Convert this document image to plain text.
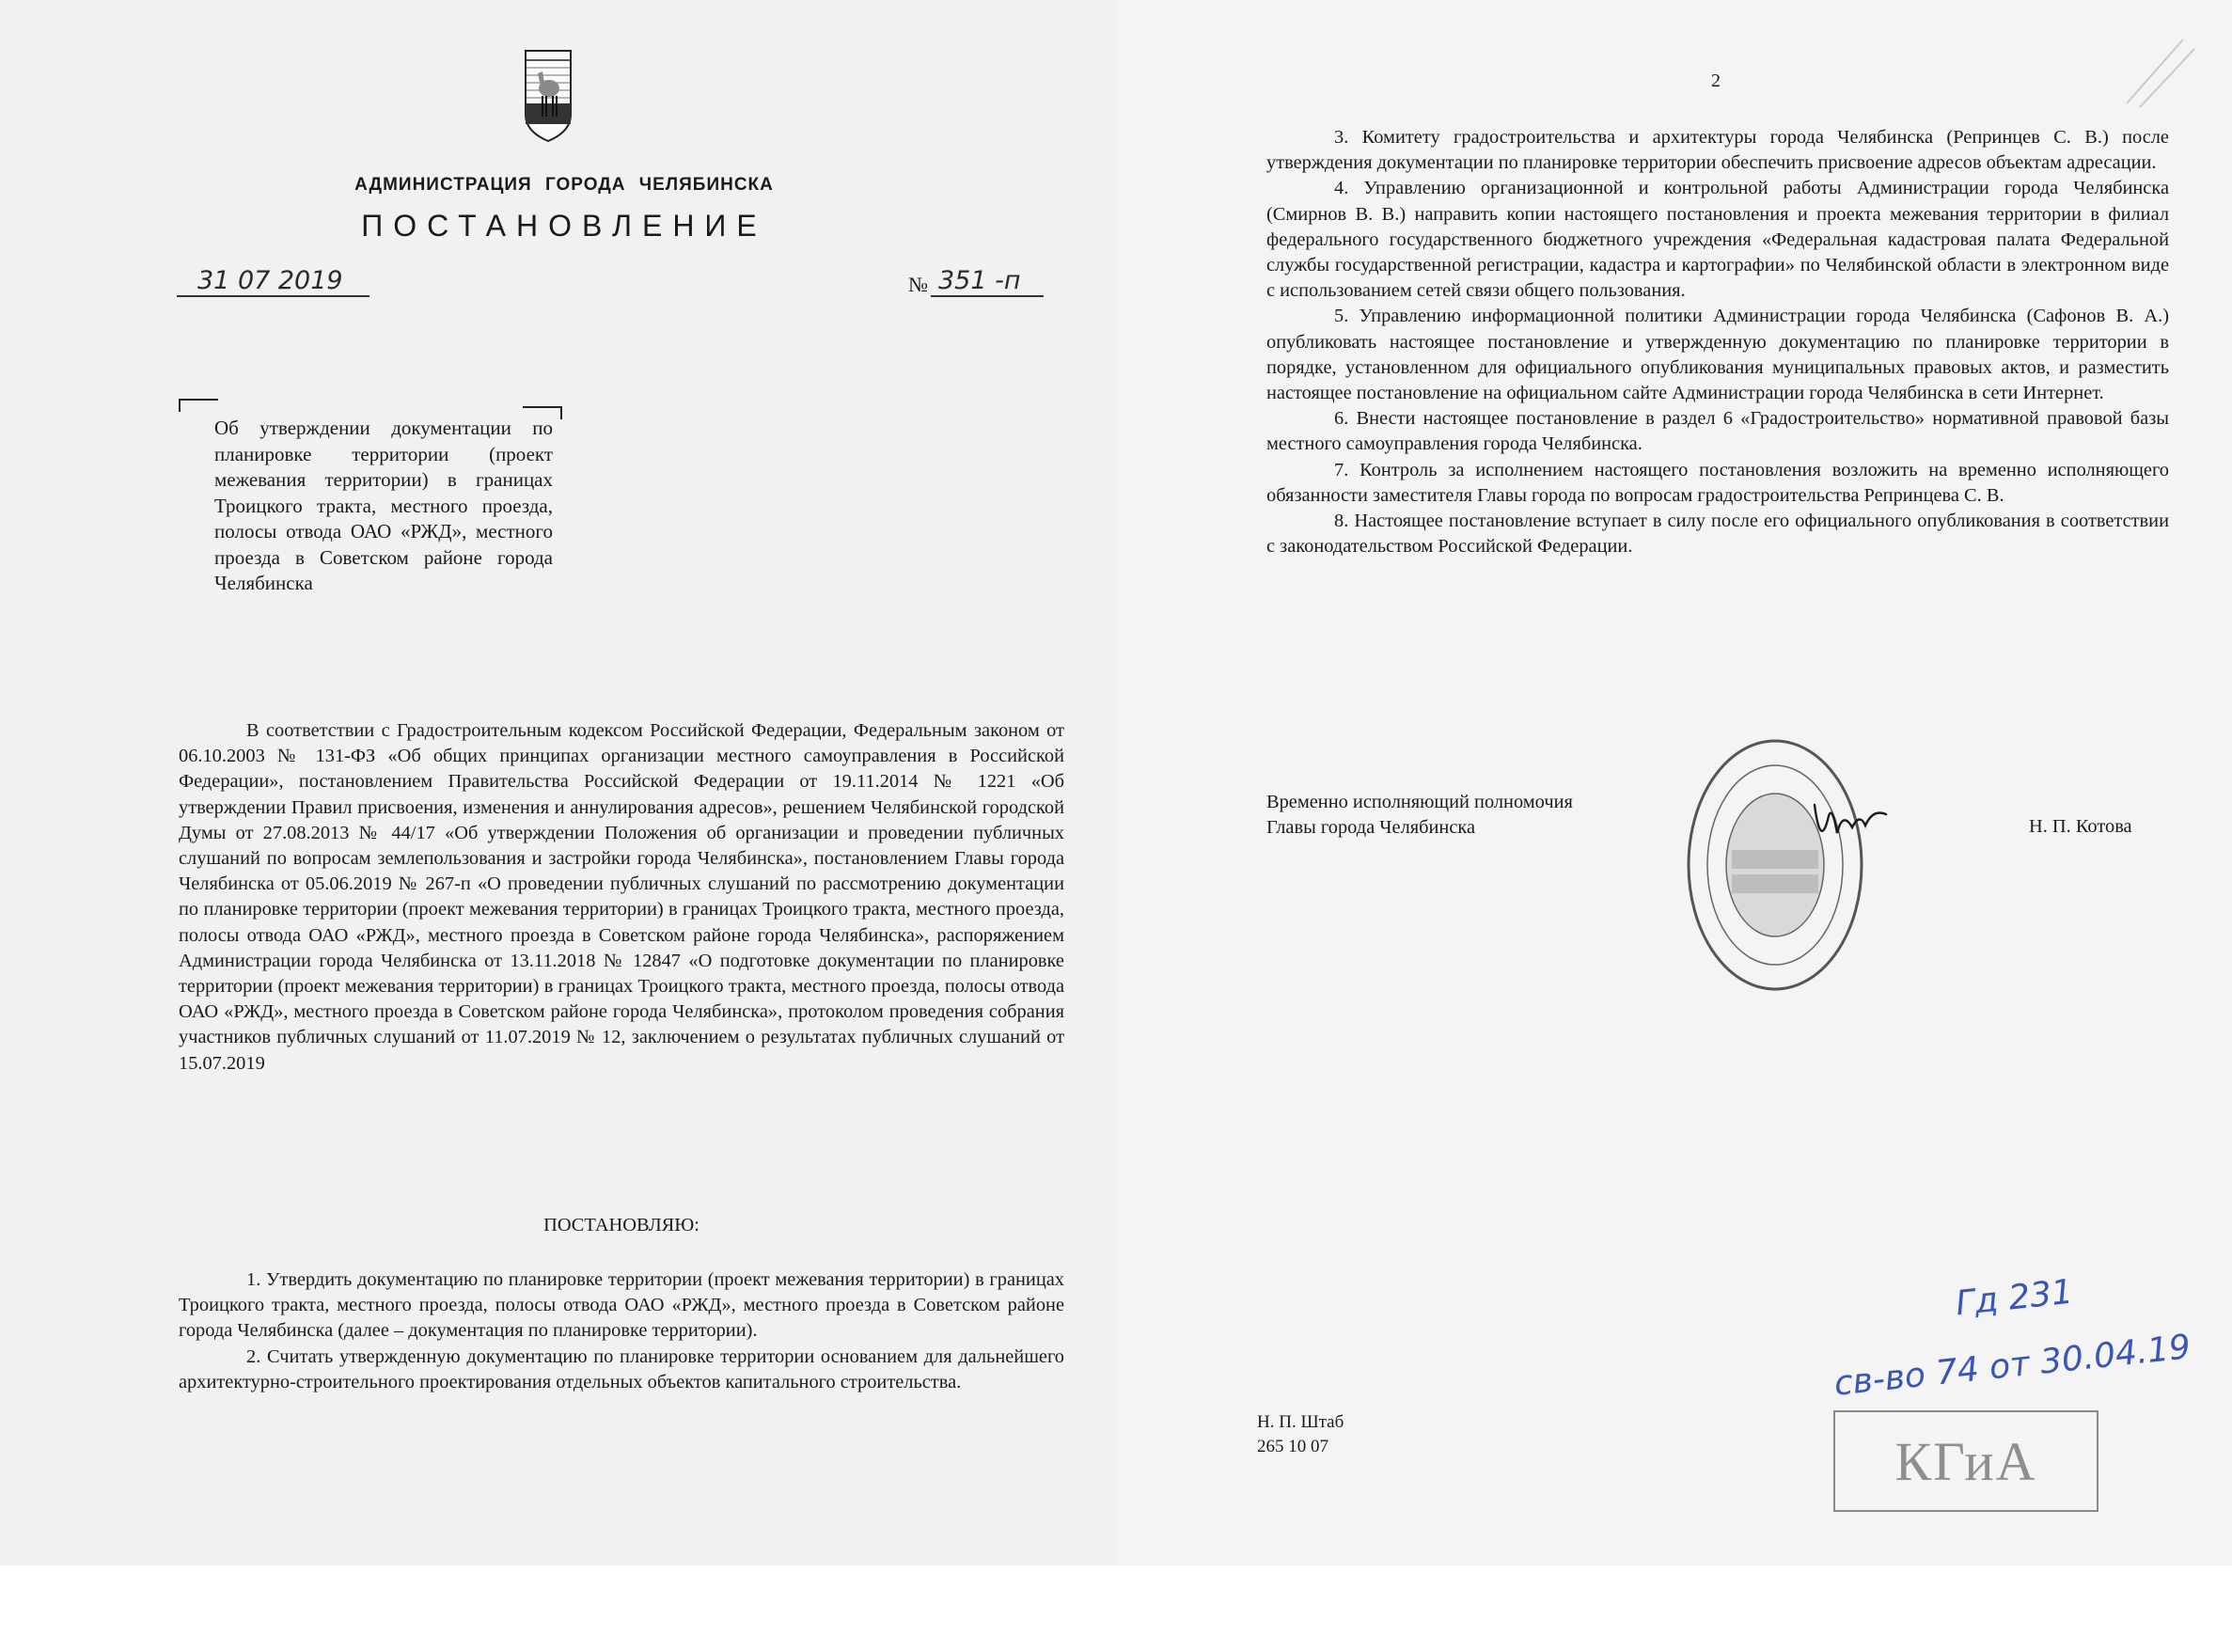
АДМИНИСТРАЦИЯ ГОРОДА ЧЕЛЯБИНСКА
ПОСТАНОВЛЕНИЕ
31 07 2019	№ 351 -п
Об утверждении документации по планировке территории (проект межевания территории) в границах Троицкого тракта, местного проезда, полосы отвода ОАО «РЖД», местного проезда в Советском районе города Челябинска

В соответствии с Градостроительным кодексом Российской Федерации, Федеральным законом от 06.10.2003 № 131-ФЗ «Об общих принципах организации местного самоуправления в Российской Федерации», постановлением Правительства Российской Федерации от 19.11.2014 № 1221 «Об утверждении Правил присвоения, изменения и аннулирования адресов», решением Челябинской городской Думы от 27.08.2013 № 44/17 «Об утверждении Положения об организации и проведении публичных слушаний по вопросам землепользования и застройки города Челябинска», постановлением Главы города Челябинска от 05.06.2019 № 267-п «О проведении публичных слушаний по рассмотрению документации по планировке территории (проект межевания территории) в границах Троицкого тракта, местного проезда, полосы отвода ОАО «РЖД», местного проезда в Советском районе города Челябинска», распоряжением Администрации города Челябинска от 13.11.2018 № 12847 «О подготовке документации по планировке территории (проект межевания территории) в границах Троицкого тракта, местного проезда, полосы отвода ОАО «РЖД», местного проезда в Советском районе города Челябинска», протоколом проведения собрания участников публичных слушаний от 11.07.2019 № 12, заключением о результатах публичных слушаний от 15.07.2019

ПОСТАНОВЛЯЮ:

1. Утвердить документацию по планировке территории (проект межевания территории) в границах Троицкого тракта, местного проезда, полосы отвода ОАО «РЖД», местного проезда в Советском районе города Челябинска (далее – документация по планировке территории).

2. Считать утвержденную документацию по планировке территории основанием для дальнейшего архитектурно-строительного проектирования отдельных объектов капитального строительства.

2

3. Комитету градостроительства и архитектуры города Челябинска (Репринцев С. В.) после утверждения документации по планировке территории обеспечить присвоение адресов объектам адресации.

4. Управлению организационной и контрольной работы Администрации города Челябинска (Смирнов В. В.) направить копии настоящего постановления и проекта межевания территории в филиал федерального государственного бюджетного учреждения «Федеральная кадастровая палата Федеральной службы государственной регистрации, кадастра и картографии» по Челябинской области в электронном виде с использованием сетей связи общего пользования.

5. Управлению информационной политики Администрации города Челябинска (Сафонов В. А.) опубликовать настоящее постановление и утвержденную документацию по планировке территории в порядке, установленном для официального опубликования муниципальных правовых актов, и разместить настоящее постановление на официальном сайте Администрации города Челябинска в сети Интернет.

6. Внести настоящее постановление в раздел 6 «Градостроительство» нормативной правовой базы местного самоуправления города Челябинска.

7. Контроль за исполнением настоящего постановления возложить на временно исполняющего обязанности заместителя Главы города по вопросам градостроительства Репринцева С. В.

8. Настоящее постановление вступает в силу после его официального опубликования в соответствии с законодательством Российской Федерации.

Временно исполняющий полномочия
Главы города Челябинска	Н. П. Котова
Н. П. Штаб
265 10 07
Гд 231
св-во 74 от 30.04.19
КГиА
